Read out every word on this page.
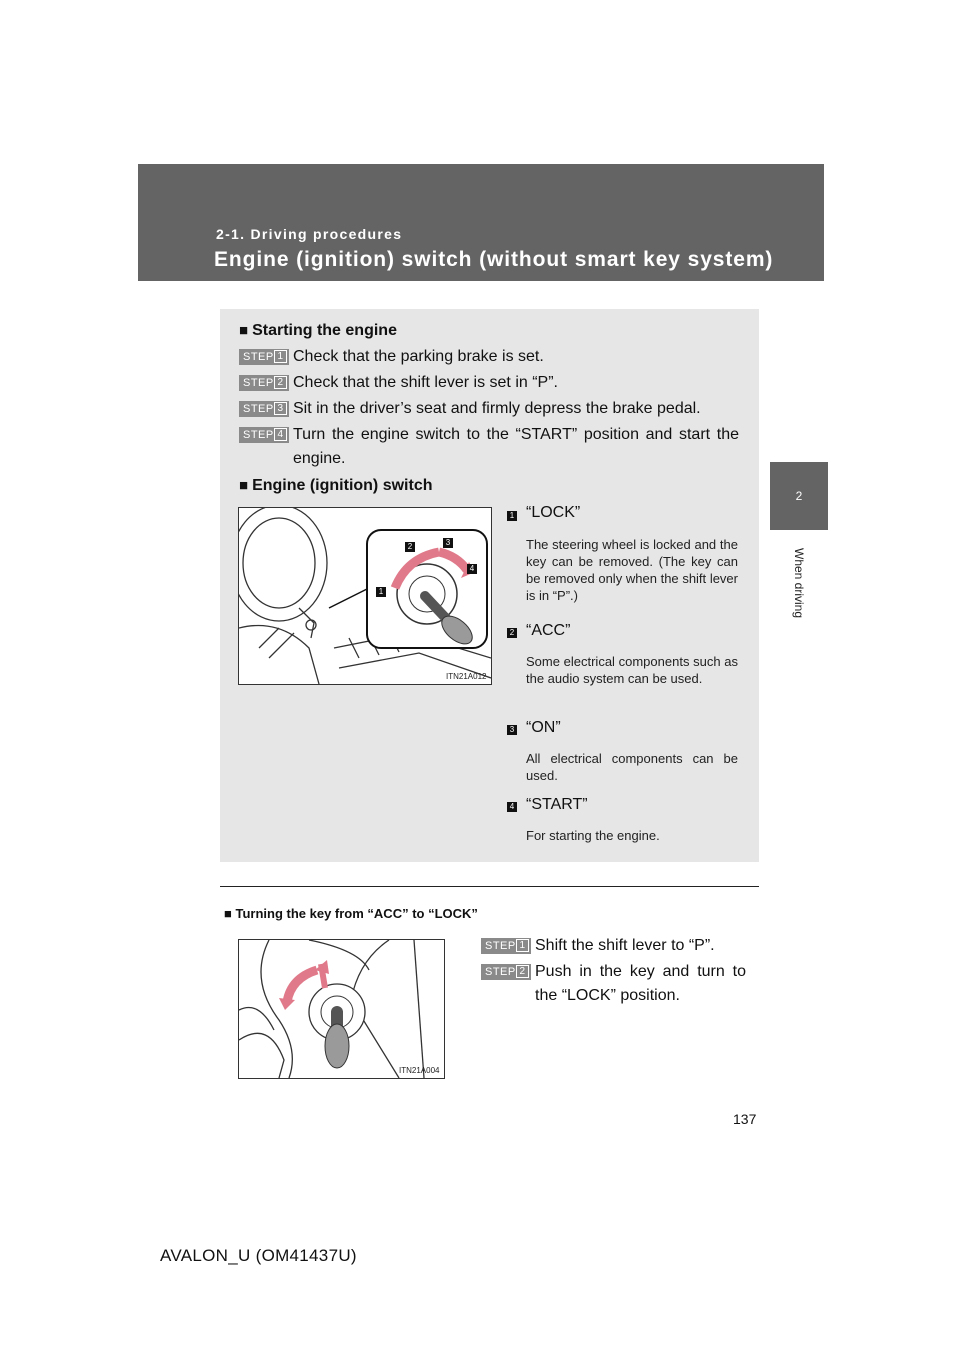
2-1. Driving procedures
Engine (ignition) switch (without smart key system)
2
When driving
■ Starting the engine
STEP 1 Check that the parking brake is set.
STEP 2 Check that the shift lever is set in “P”.
STEP 3 Sit in the driver’s seat and firmly depress the brake pedal.
STEP 4 Turn the engine switch to the “START” position and start the engine.
■ Engine (ignition) switch
1
2	3
4
ITN21A012
1 “LOCK”
The steering wheel is locked and the key can be removed. (The key can be removed only when the shift lever is in “P”.)
2 “ACC”
Some electrical components such as the audio system can be used.
3 “ON”
All electrical components can be used.
4 “START”
For starting the engine.
■ Turning the key from “ACC” to “LOCK”
ITN21A004
STEP 1 Shift the shift lever to “P”.
STEP 2 Push in the key and turn to the “LOCK” position.
137
AVALON_U (OM41437U)
